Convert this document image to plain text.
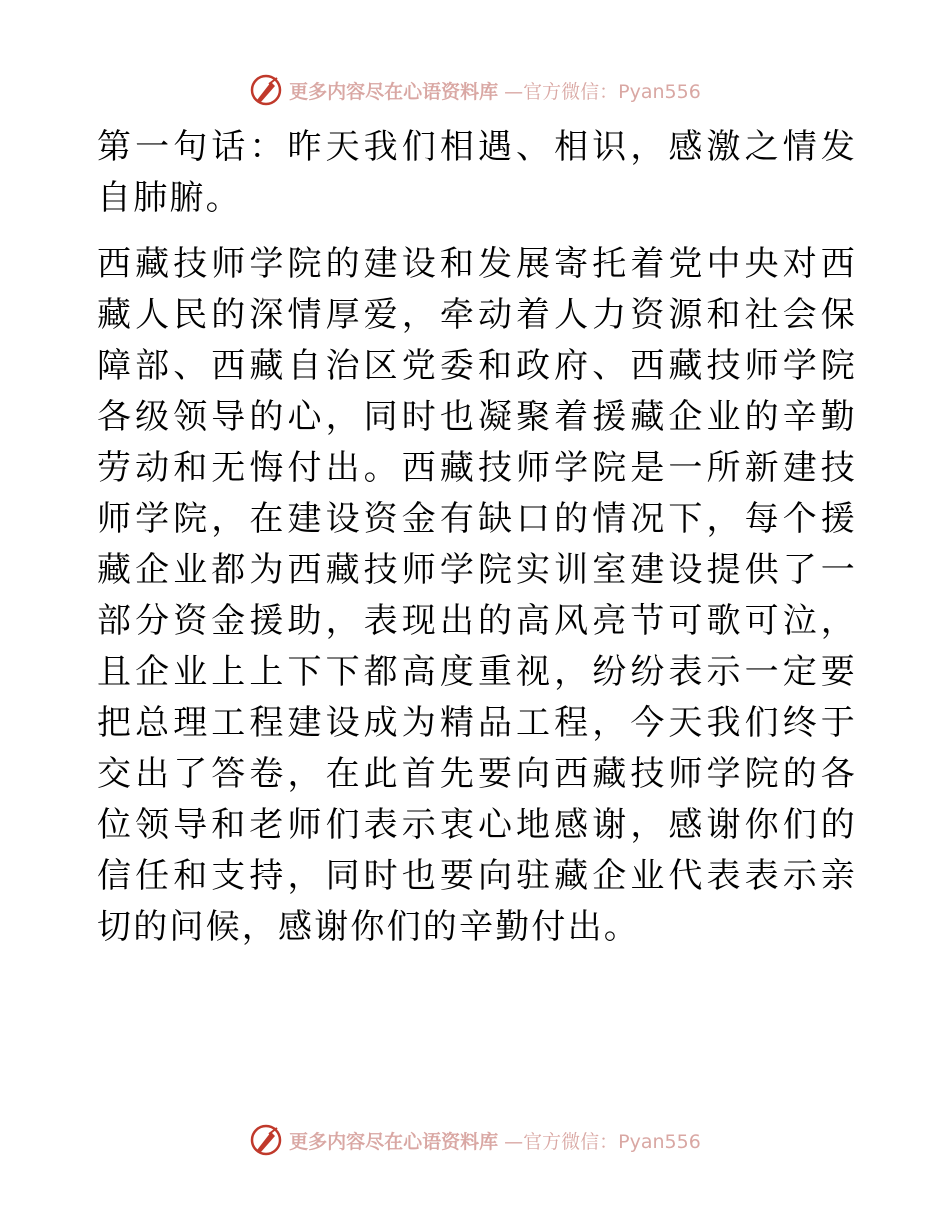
更多内容尽在心语资料库 —官方微信：Pyan556

第一句话：昨天我们相遇、相识，感激之情发自肺腑。

西藏技师学院的建设和发展寄托着党中央对西藏人民的深情厚爱，牵动着人力资源和社会保障部、西藏自治区党委和政府、西藏技师学院各级领导的心，同时也凝聚着援藏企业的辛勤劳动和无悔付出。西藏技师学院是一所新建技师学院，在建设资金有缺口的情况下，每个援藏企业都为西藏技师学院实训室建设提供了一部分资金援助，表现出的高风亮节可歌可泣，且企业上上下下都高度重视，纷纷表示一定要把总理工程建设成为精品工程，今天我们终于交出了答卷，在此首先要向西藏技师学院的各位领导和老师们表示衷心地感谢，感谢你们的信任和支持，同时也要向驻藏企业代表表示亲切的问候，感谢你们的辛勤付出。

更多内容尽在心语资料库 —官方微信：Pyan556
